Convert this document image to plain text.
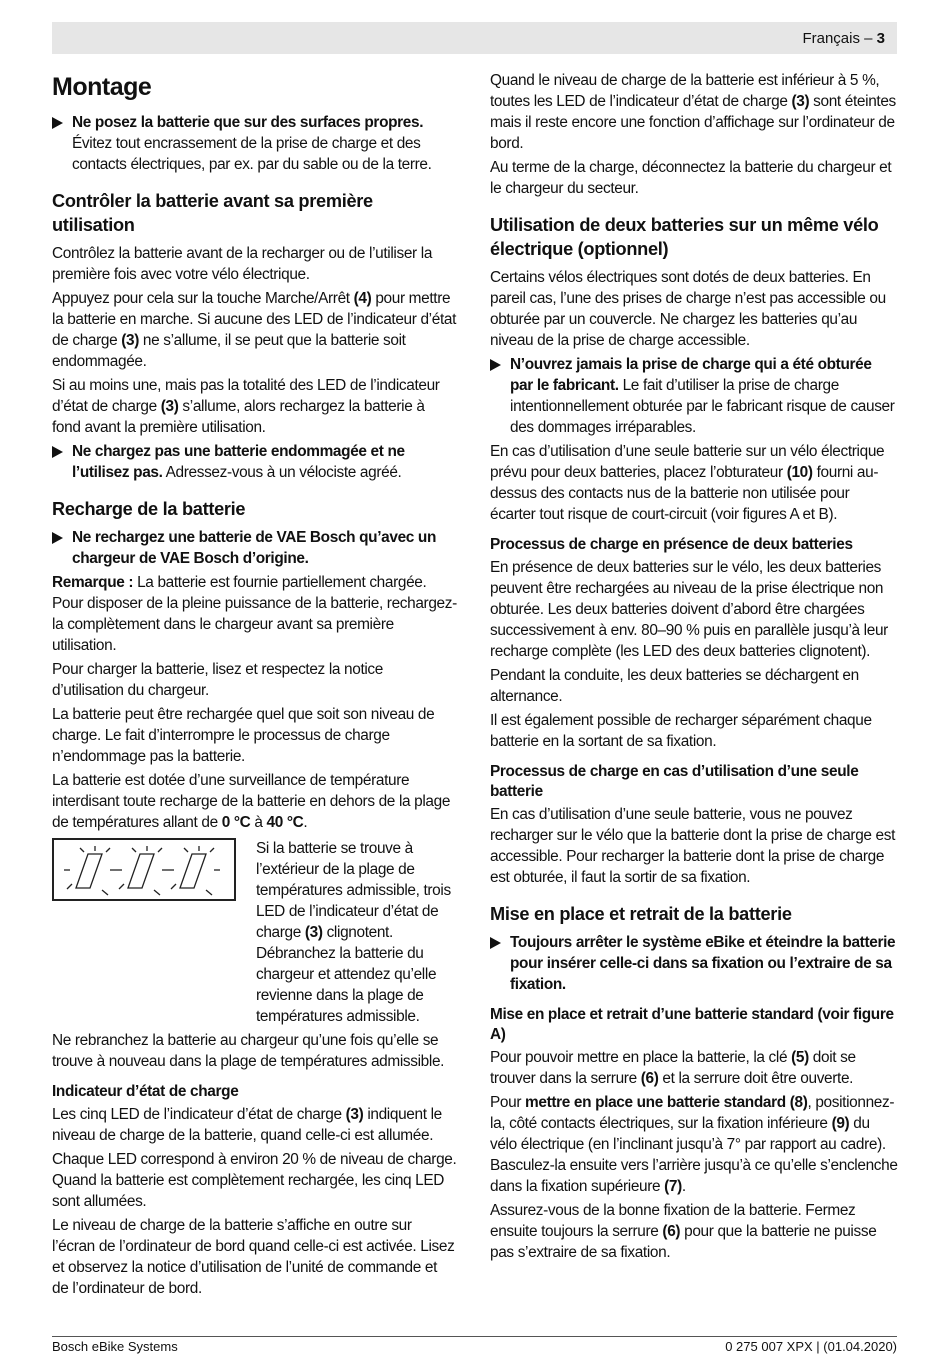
Français – 3
Montage
Ne posez la batterie que sur des surfaces propres. Évitez tout encrassement de la prise de charge et des contacts électriques, par ex. par du sable ou de la terre.
Contrôler la batterie avant sa première utilisation

Contrôlez la batterie avant de la recharger ou de l’utiliser la première fois avec votre vélo électrique.

Appuyez pour cela sur la touche Marche/Arrêt (4) pour mettre la batterie en marche. Si aucune des LED de l’indicateur d’état de charge (3) ne s’allume, il se peut que la batterie soit endommagée.

Si au moins une, mais pas la totalité des LED de l’indicateur d’état de charge (3) s’allume, alors rechargez la batterie à fond avant la première utilisation.

Ne chargez pas une batterie endommagée et ne l’utilisez pas. Adressez-vous à un vélociste agréé.
Recharge de la batterie
Ne rechargez une batterie de VAE Bosch qu’avec un chargeur de VAE Bosch d’origine.

Remarque : La batterie est fournie partiellement chargée. Pour disposer de la pleine puissance de la batterie, rechargez-la complètement dans le chargeur avant sa première utilisation.

Pour charger la batterie, lisez et respectez la notice d’utilisation du chargeur.

La batterie peut être rechargée quel que soit son niveau de charge. Le fait d’interrompre le processus de charge n’endommage pas la batterie.

La batterie est dotée d’une surveillance de température interdisant toute recharge de la batterie en dehors de la plage de températures allant de 0 °C à 40 °C.

Si la batterie se trouve à l’extérieur de la plage de températures admissible, trois LED de l’indicateur d’état de charge (3) clignotent. Débranchez la batterie du chargeur et attendez qu’elle revienne dans la plage de températures admissible.

Ne rebranchez la batterie au chargeur qu’une fois qu’elle se trouve à nouveau dans la plage de températures admissible.

Indicateur d’état de charge

Les cinq LED de l’indicateur d’état de charge (3) indiquent le niveau de charge de la batterie, quand celle-ci est allumée.

Chaque LED correspond à environ 20 % de niveau de charge. Quand la batterie est complètement rechargée, les cinq LED sont allumées.

Le niveau de charge de la batterie s’affiche en outre sur l’écran de l’ordinateur de bord quand celle-ci est activée. Lisez et observez la notice d’utilisation de l’unité de commande et de l’ordinateur de bord.

Quand le niveau de charge de la batterie est inférieur à 5 %, toutes les LED de l’indicateur d’état de charge (3) sont éteintes mais il reste encore une fonction d’affichage sur l’ordinateur de bord.

Au terme de la charge, déconnectez la batterie du chargeur et le chargeur du secteur.

Utilisation de deux batteries sur un même vélo électrique (optionnel)

Certains vélos électriques sont dotés de deux batteries. En pareil cas, l’une des prises de charge n’est pas accessible ou obturée par un couvercle. Ne chargez les batteries qu’au niveau de la prise de charge accessible.

N’ouvrez jamais la prise de charge qui a été obturée par le fabricant. Le fait d’utiliser la prise de charge intentionnellement obturée par le fabricant risque de causer des dommages irréparables.

En cas d’utilisation d’une seule batterie sur un vélo électrique prévu pour deux batteries, placez l’obturateur (10) fourni au-dessus des contacts nus de la batterie non utilisée pour écarter tout risque de court-circuit (voir figures A et B).

Processus de charge en présence de deux batteries

En présence de deux batteries sur le vélo, les deux batteries peuvent être rechargées au niveau de la prise électrique non obturée. Les deux batteries doivent d’abord être chargées successivement à env. 80–90 % puis en parallèle jusqu’à leur recharge complète (les LED des deux batteries clignotent).

Pendant la conduite, les deux batteries se déchargent en alternance.

Il est également possible de recharger séparément chaque batterie en la sortant de sa fixation.

Processus de charge en cas d’utilisation d’une seule batterie

En cas d’utilisation d’une seule batterie, vous ne pouvez recharger sur le vélo que la batterie dont la prise de charge est accessible. Pour recharger la batterie dont la prise de charge est obturée, il faut la sortir de sa fixation.

Mise en place et retrait de la batterie
Toujours arrêter le système eBike et éteindre la batterie pour insérer celle-ci dans sa fixation ou l’extraire de sa fixation.
Mise en place et retrait d’une batterie standard (voir figure A)

Pour pouvoir mettre en place la batterie, la clé (5) doit se trouver dans la serrure (6) et la serrure doit être ouverte.

Pour mettre en place une batterie standard (8), positionnez-la, côté contacts électriques, sur la fixation inférieure (9) du vélo électrique (en l’inclinant jusqu’à 7° par rapport au cadre). Basculez-la ensuite vers l’arrière jusqu’à ce qu’elle s’enclenche dans la fixation supérieure (7).

Assurez-vous de la bonne fixation de la batterie. Fermez ensuite toujours la serrure (6) pour que la batterie ne puisse pas s’extraire de sa fixation.

Bosch eBike Systems	0 275 007 XPX | (01.04.2020)
